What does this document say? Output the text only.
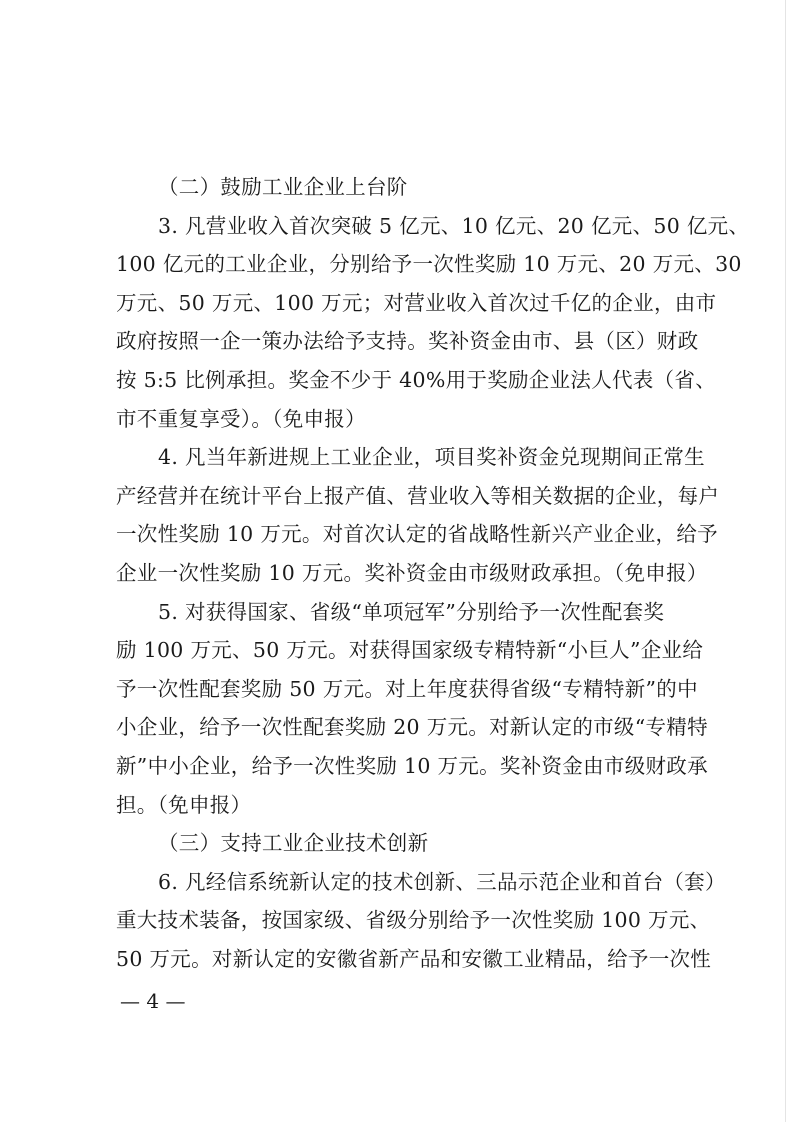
（二）鼓励工业企业上台阶
3. 凡营业收入首次突破 5 亿元、10 亿元、20 亿元、50 亿元、
100 亿元的工业企业，分别给予一次性奖励 10 万元、20 万元、30
万元、50 万元、100 万元；对营业收入首次过千亿的企业，由市
政府按照一企一策办法给予支持。奖补资金由市、县（区）财政
按 5:5 比例承担。奖金不少于 40%用于奖励企业法人代表（省、
市不重复享受）。（免申报）
4. 凡当年新进规上工业企业，项目奖补资金兑现期间正常生
产经营并在统计平台上报产值、营业收入等相关数据的企业，每户
一次性奖励 10 万元。对首次认定的省战略性新兴产业企业，给予
企业一次性奖励 10 万元。奖补资金由市级财政承担。（免申报）
5. 对获得国家、省级“单项冠军”分别给予一次性配套奖
励 100 万元、50 万元。对获得国家级专精特新“小巨人”企业给
予一次性配套奖励 50 万元。对上年度获得省级“专精特新”的中
小企业，给予一次性配套奖励 20 万元。对新认定的市级“专精特
新”中小企业，给予一次性奖励 10 万元。奖补资金由市级财政承
担。（免申报）
（三）支持工业企业技术创新
6. 凡经信系统新认定的技术创新、三品示范企业和首台（套）
重大技术装备，按国家级、省级分别给予一次性奖励 100 万元、
50 万元。对新认定的安徽省新产品和安徽工业精品，给予一次性
— 4 —
